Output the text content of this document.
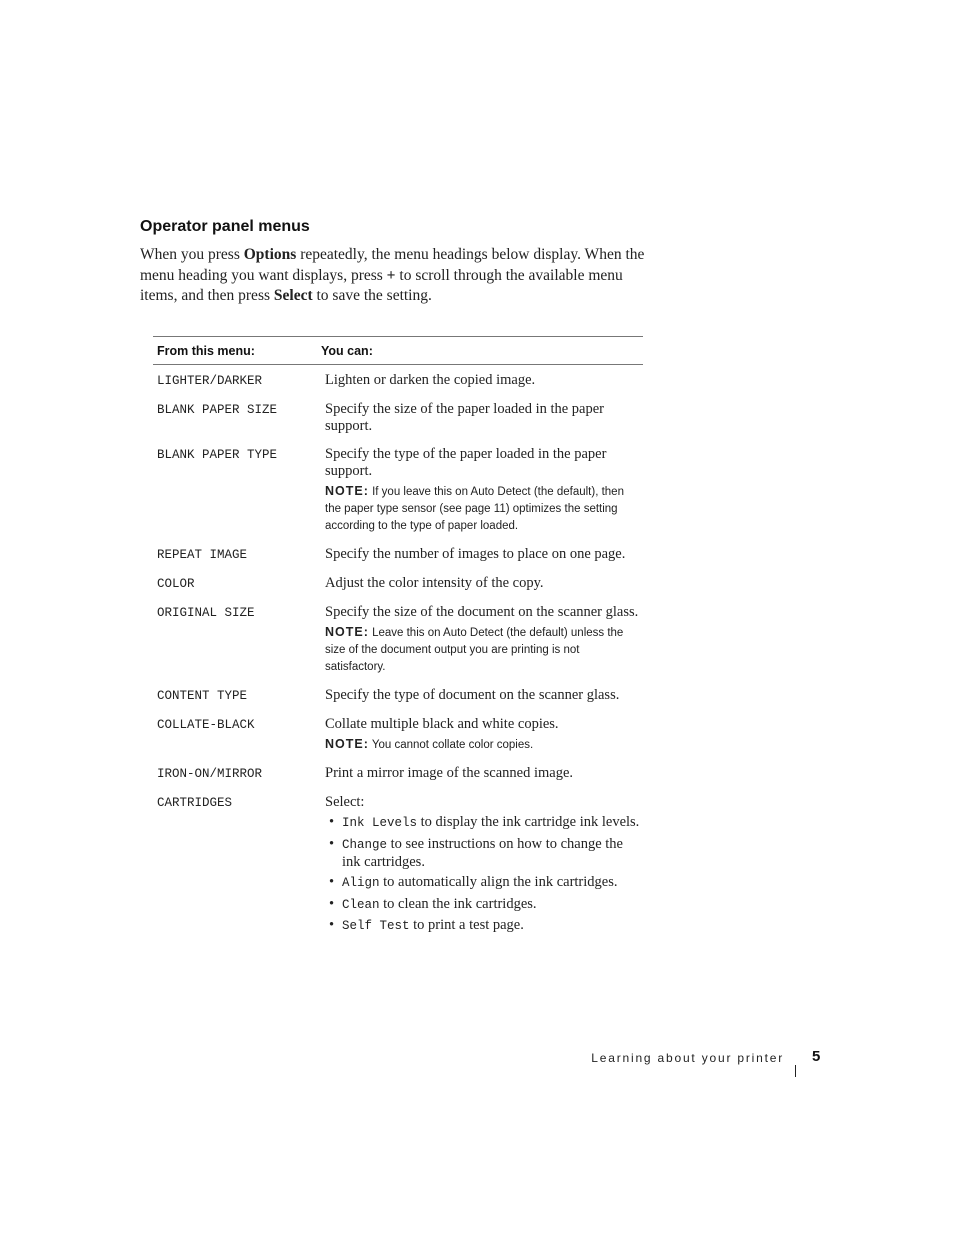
Operator panel menus

When you press Options repeatedly, the menu headings below display. When the menu heading you want displays, press + to scroll through the available menu items, and then press Select to save the setting.

From this menu:	You can:
LIGHTER/DARKER	Lighten or darken the copied image.
BLANK PAPER SIZE	Specify the size of the paper loaded in the paper support.
BLANK PAPER TYPE	Specify the type of the paper loaded in the paper support.
NOTE: If you leave this on Auto Detect (the default), then the paper type sensor (see page 11) optimizes the setting according to the type of paper loaded.
REPEAT IMAGE	Specify the number of images to place on one page.
COLOR	Adjust the color intensity of the copy.
ORIGINAL SIZE	Specify the size of the document on the scanner glass.
NOTE: Leave this on Auto Detect (the default) unless the size of the document output you are printing is not satisfactory.
CONTENT TYPE	Specify the type of document on the scanner glass.
COLLATE-BLACK	Collate multiple black and white copies.
NOTE: You cannot collate color copies.
IRON-ON/MIRROR	Print a mirror image of the scanned image.
CARTRIDGES	Select:
• Ink Levels to display the ink cartridge ink levels.
• Change to see instructions on how to change the ink cartridges.
• Align to automatically align the ink cartridges.
• Clean to clean the ink cartridges.
• Self Test to print a test page.
Learning about your printer 5
